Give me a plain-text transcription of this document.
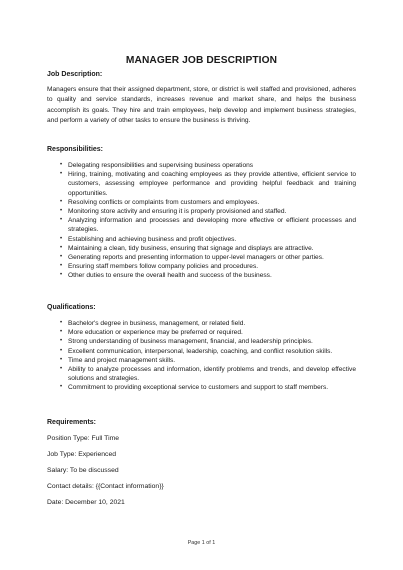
MANAGER JOB DESCRIPTION

Job Description:

Managers ensure that their assigned department, store, or district is well staffed and provisioned, adheres to quality and service standards, increases revenue and market share, and helps the business accomplish its goals. They hire and train employees, help develop and implement business strategies, and perform a variety of other tasks to ensure the business is thriving.

Responsibilities:

• Delegating responsibilities and supervising business operations
• Hiring, training, motivating and coaching employees as they provide attentive, efficient service to customers, assessing employee performance and providing helpful feedback and training opportunities.
• Resolving conflicts or complaints from customers and employees.
• Monitoring store activity and ensuring it is properly provisioned and staffed.
• Analyzing information and processes and developing more effective or efficient processes and strategies.
• Establishing and achieving business and profit objectives.
• Maintaining a clean, tidy business, ensuring that signage and displays are attractive.
• Generating reports and presenting information to upper-level managers or other parties.
• Ensuring staff members follow company policies and procedures.
• Other duties to ensure the overall health and success of the business.

Qualifications:

• Bachelor's degree in business, management, or related field.
• More education or experience may be preferred or required.
• Strong understanding of business management, financial, and leadership principles.
• Excellent communication, interpersonal, leadership, coaching, and conflict resolution skills.
• Time and project management skills.
• Ability to analyze processes and information, identify problems and trends, and develop effective solutions and strategies.
• Commitment to providing exceptional service to customers and support to staff members.

Requirements:

Position Type: Full Time

Job Type: Experienced

Salary: To be discussed

Contact details: {{Contact information}}

Date: December 10, 2021

Page 1 of 1
